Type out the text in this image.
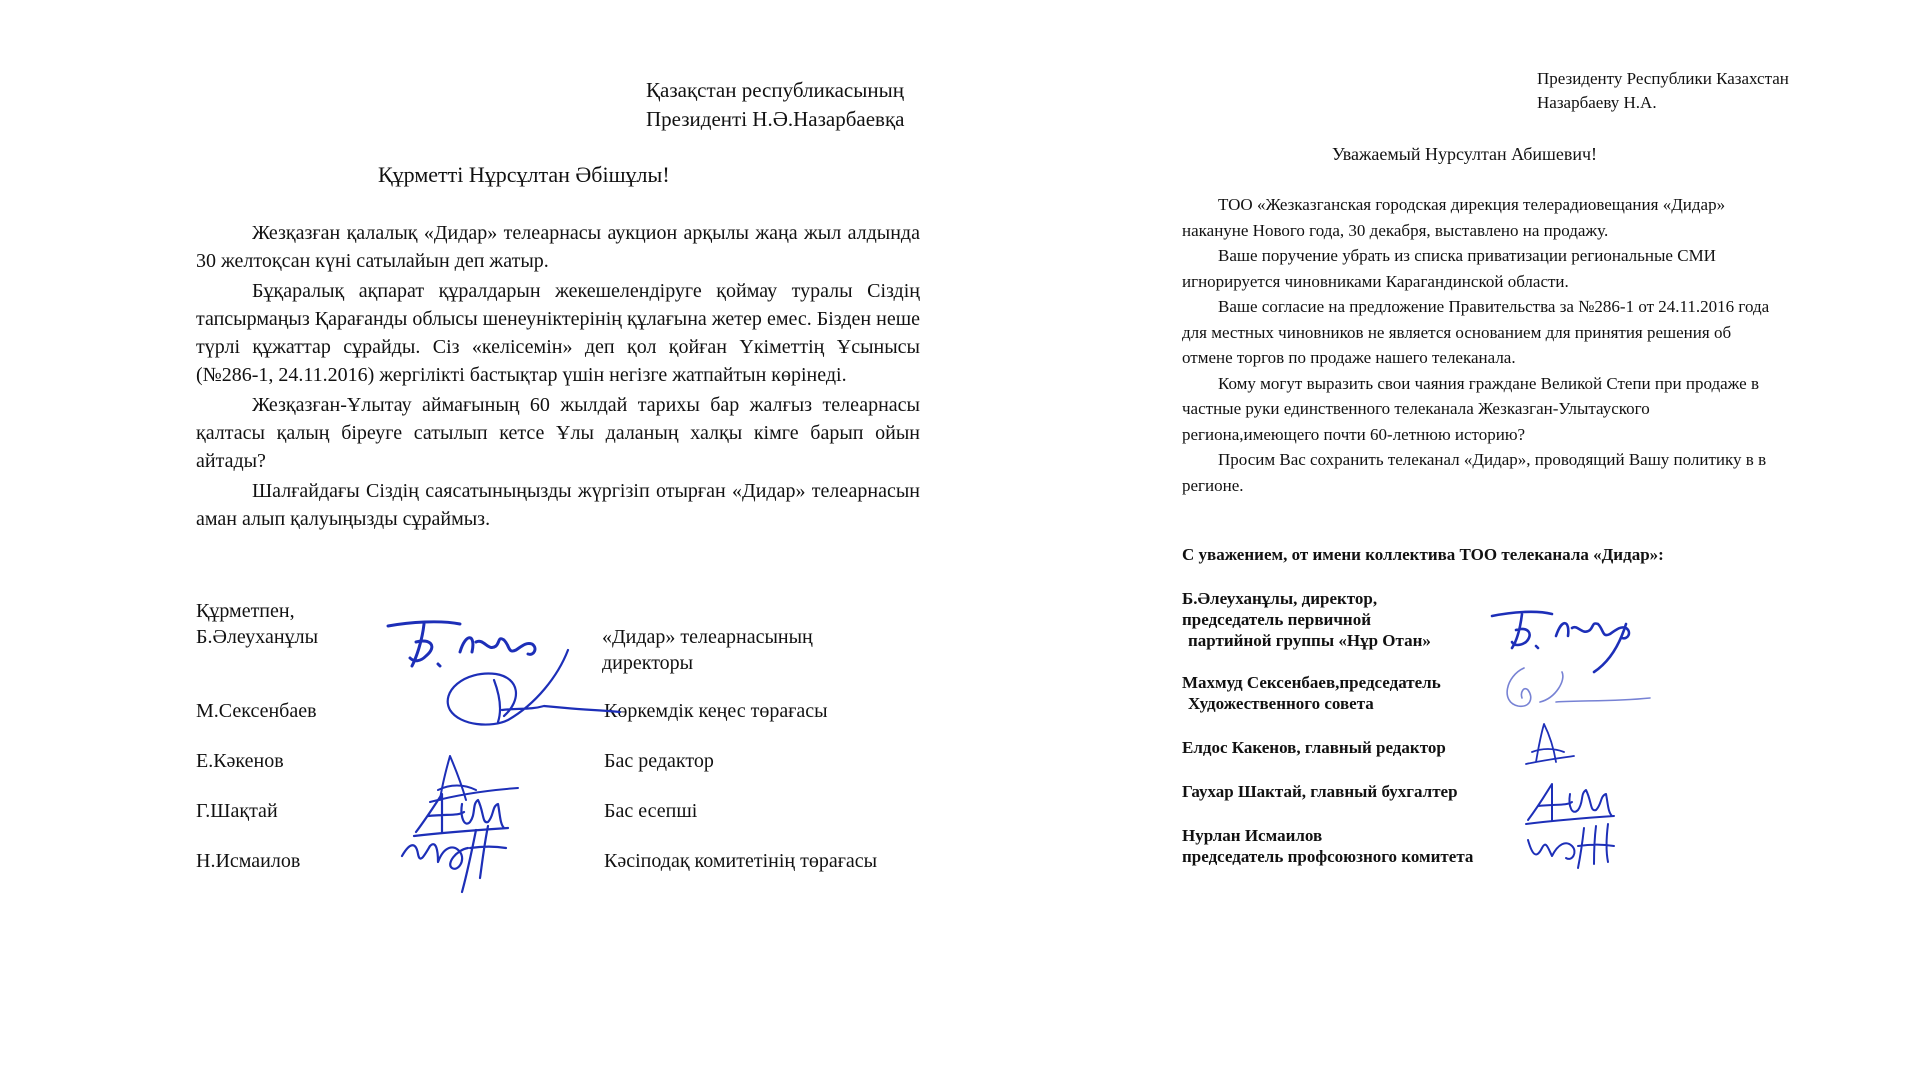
Қазақстан республикасының
Президенті Н.Ә.Назарбаевқа
Құрметті Нұрсұлтан Әбішұлы!

Жезқазған қалалық «Дидар» телеарнасы аукцион арқылы жаңа жыл алдында 30 желтоқсан күні сатылайын деп жатыр.

Бұқаралық ақпарат құралдарын жекешелендіруге қоймау туралы Сіздің тапсырмаңыз Қарағанды облысы шенеуніктерінің құлағына жетер емес. Бізден неше түрлі құжаттар сұрайды. Сіз «келісемін» деп қол қойған Үкіметтің Ұсынысы (№286-1, 24.11.2016) жергілікті бастықтар үшін негізге жатпайтын көрінеді.

Жезқазған-Ұлытау аймағының 60 жылдай тарихы бар жалғыз телеарнасы қалтасы қалың біреуге сатылып кетсе Ұлы даланың халқы кімге барып ойын айтады?

Шалғайдағы Сіздің саясатыныңызды жүргізіп отырған «Дидар» телеарнасын аман алып қалуыңызды сұраймыз.

Құрметпен,
Б.Әлеуханұлы	«Дидар» телеарнасының
директоры
М.Сексенбаев	Көркемдік кеңес төрағасы
Е.Кәкенов	Бас редактор
Г.Шақтай	Бас есепші
Н.Исмаилов	Кәсіподақ комитетінің төрағасы
Президенту Республики Казахстан
Назарбаеву Н.А.
Уважаемый Нурсултан Абишевич!

ТОО «Жезказганская городская дирекция телерадиовещания «Дидар» накануне Нового года, 30 декабря, выставлено на продажу.

Ваше поручение убрать из списка приватизации региональные СМИ игнорируется чиновниками Карагандинской области.

Ваше согласие на предложение Правительства за №286-1 от 24.11.2016 года для местных чиновников не является основанием для принятия решения об отмене торгов по продаже нашего телеканала.

Кому могут выразить свои чаяния граждане Великой Степи при продаже в частные руки единственного телеканала Жезказган-Улытауского региона,имеющего почти 60-летнюю историю?

Просим Вас сохранить телеканал «Дидар», проводящий Вашу политику в в регионе.

С уважением, от имени коллектива ТОО телеканала «Дидар»:
Б.Әлеуханұлы, директор,
председатель первичной
партийной группы «Нұр Отан»
Махмуд Сексенбаев,председатель
Художественного совета
Елдос Какенов, главный редактор
Гаухар Шактай, главный бухгалтер
Нурлан Исмаилов
председатель профсоюзного комитета
